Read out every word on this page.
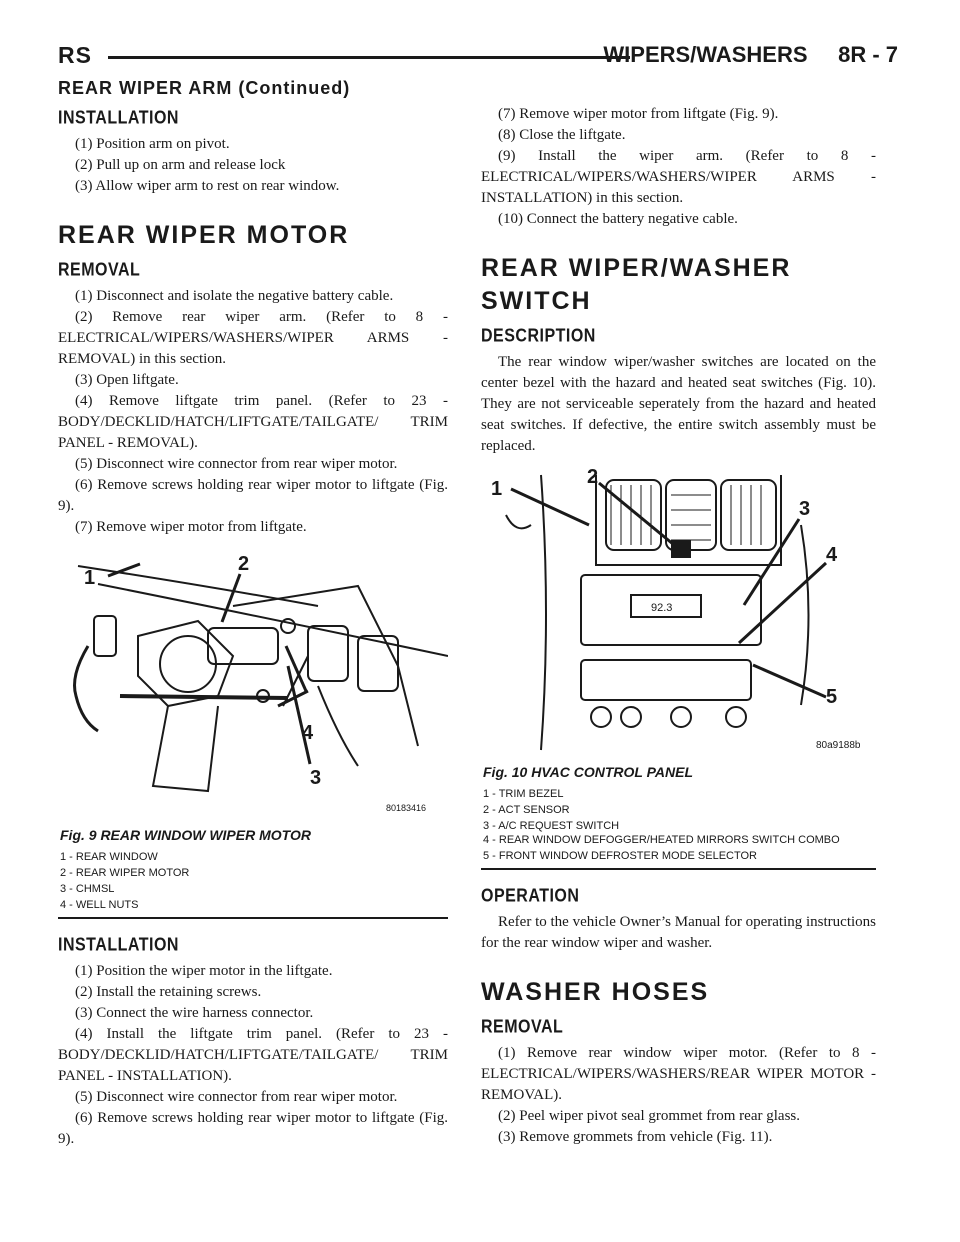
RS	WIPERS/WASHERS     8R - 7
REAR WIPER ARM (Continued)
INSTALLATION

(1) Position arm on pivot.

(2) Pull up on arm and release lock

(3) Allow wiper arm to rest on rear window.

REAR WIPER MOTOR
REMOVAL

(1) Disconnect and isolate the negative battery cable.

(2) Remove rear wiper arm. (Refer to 8 - ELECTRICAL/WIPERS/WASHERS/WIPER ARMS - REMOVAL) in this section.

(3) Open liftgate.

(4) Remove liftgate trim panel. (Refer to 23 - BODY/DECKLID/HATCH/LIFTGATE/TAILGATE/ TRIM PANEL - REMOVAL).

(5) Disconnect wire connector from rear wiper motor.

(6) Remove screws holding rear wiper motor to liftgate (Fig. 9).

(7) Remove wiper motor from liftgate.

1
2
3
4
80183416
Fig. 9 REAR WINDOW WIPER MOTOR
1 - REAR WINDOW
2 - REAR WIPER MOTOR
3 - CHMSL
4 - WELL NUTS
INSTALLATION

(1) Position the wiper motor in the liftgate.

(2) Install the retaining screws.

(3) Connect the wire harness connector.

(4) Install the liftgate trim panel. (Refer to 23 - BODY/DECKLID/HATCH/LIFTGATE/TAILGATE/ TRIM PANEL - INSTALLATION).

(5) Disconnect wire connector from rear wiper motor.

(6) Remove screws holding rear wiper motor to liftgate (Fig. 9).

(7) Remove wiper motor from liftgate (Fig. 9).

(8) Close the liftgate.

(9) Install the wiper arm. (Refer to 8 - ELECTRICAL/WIPERS/WASHERS/WIPER ARMS - INSTALLATION) in this section.

(10) Connect the battery negative cable.

REAR WIPER/WASHER
SWITCH
DESCRIPTION

The rear window wiper/washer switches are located on the center bezel with the hazard and heated seat switches (Fig. 10). They are not serviceable seperately from the hazard and heated seat switches. If defective, the entire switch assembly must be replaced.

92.3
1
2
3
4
5
80a9188b
Fig. 10 HVAC CONTROL PANEL
1 - TRIM BEZEL
2 - ACT SENSOR
3 - A/C REQUEST SWITCH
4 - REAR WINDOW DEFOGGER/HEATED MIRRORS SWITCH COMBO
5 - FRONT WINDOW DEFROSTER MODE SELECTOR
OPERATION

Refer to the vehicle Owner’s Manual for operating instructions for the rear window wiper and washer.

WASHER HOSES
REMOVAL

(1) Remove rear window wiper motor. (Refer to 8 - ELECTRICAL/WIPERS/WASHERS/REAR WIPER MOTOR - REMOVAL).

(2) Peel wiper pivot seal grommet from rear glass.

(3) Remove grommets from vehicle (Fig. 11).
